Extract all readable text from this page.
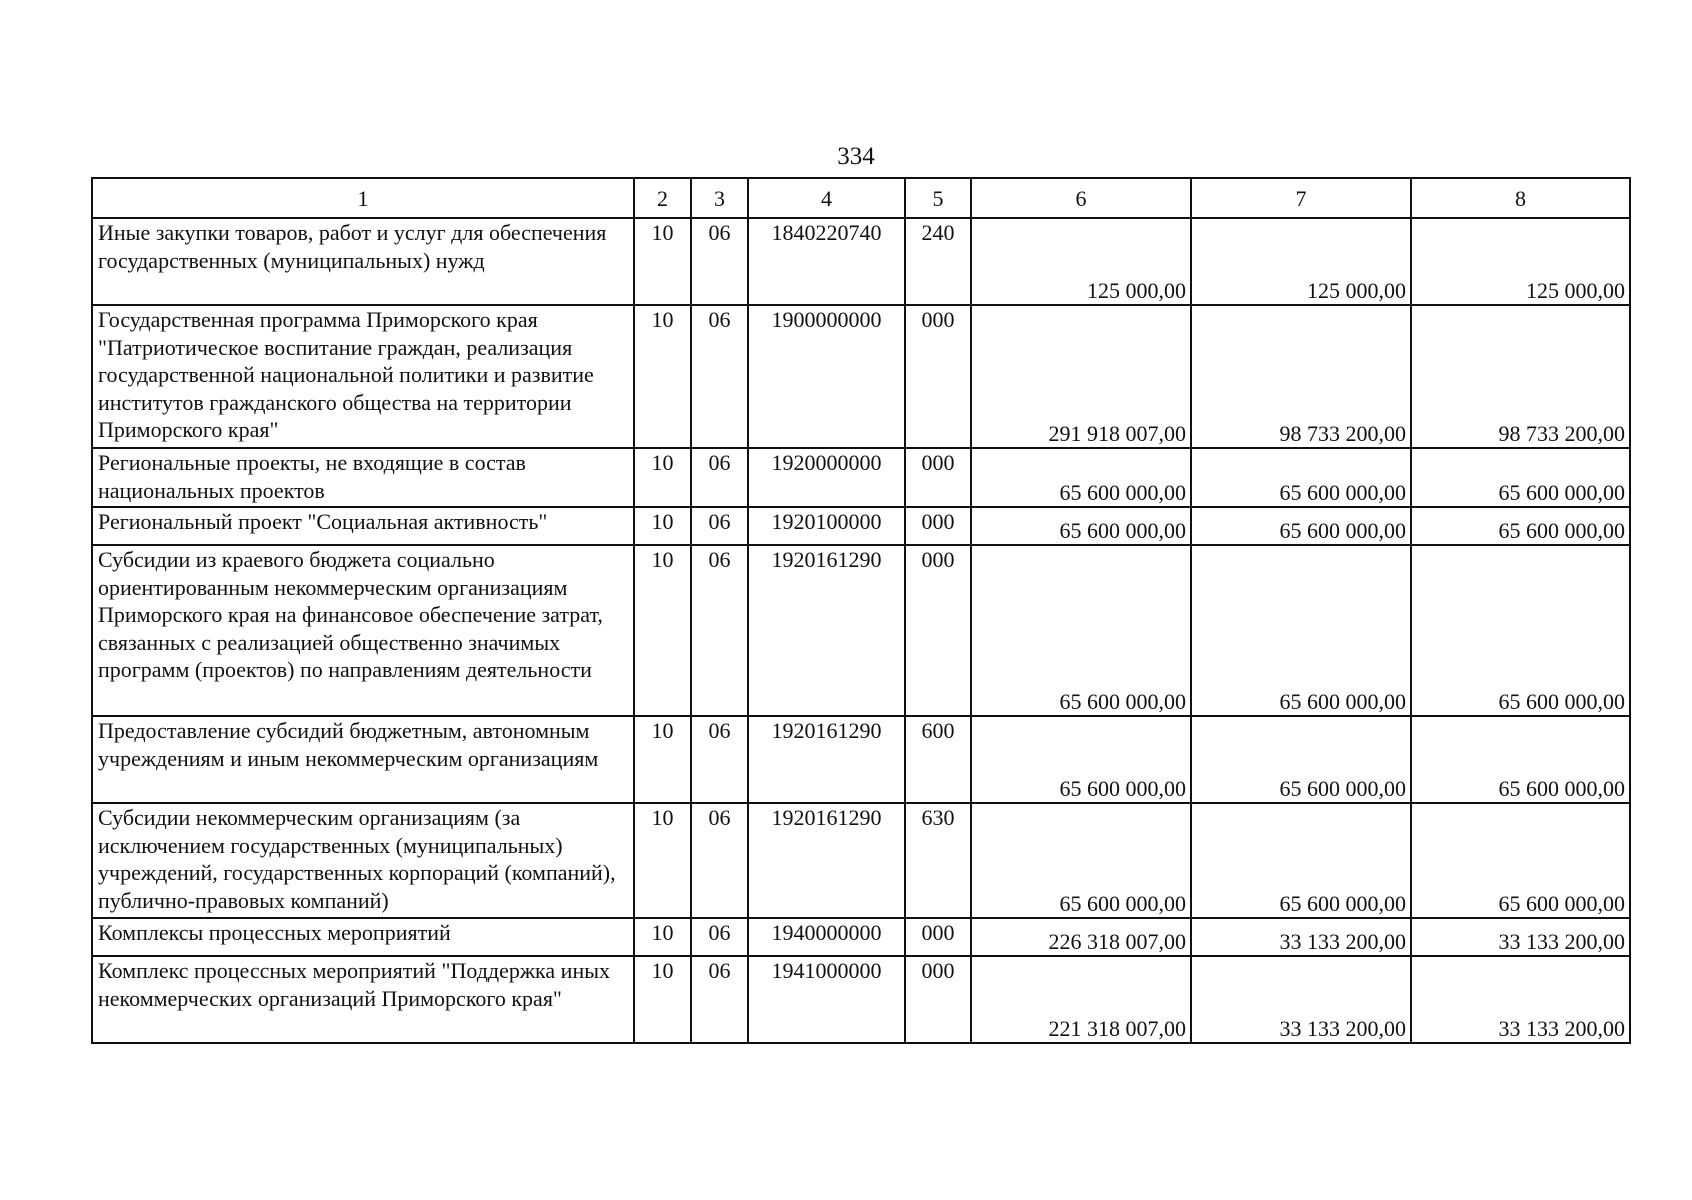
334
1	2	3	4	5	6	7	8
Иные закупки товаров, работ и услуг для обеспечения государственных (муниципальных) нужд	10	06	1840220740	240	125 000,00	125 000,00	125 000,00
Государственная программа Приморского края "Патриотическое воспитание граждан, реализация государственной национальной политики и развитие институтов гражданского общества на территории Приморского края"	10	06	1900000000	000	291 918 007,00	98 733 200,00	98 733 200,00
Региональные проекты, не входящие в состав национальных проектов	10	06	1920000000	000	65 600 000,00	65 600 000,00	65 600 000,00
Региональный проект "Социальная активность"	10	06	1920100000	000	65 600 000,00	65 600 000,00	65 600 000,00
Субсидии из краевого бюджета социально ориентированным некоммерческим организациям Приморского края на финансовое обеспечение затрат, связанных с реализацией общественно значимых программ (проектов) по направлениям деятельности	10	06	1920161290	000	65 600 000,00	65 600 000,00	65 600 000,00
Предоставление субсидий бюджетным, автономным учреждениям и иным некоммерческим организациям	10	06	1920161290	600	65 600 000,00	65 600 000,00	65 600 000,00
Субсидии некоммерческим организациям (за исключением государственных (муниципальных) учреждений, государственных корпораций (компаний), публично-правовых компаний)	10	06	1920161290	630	65 600 000,00	65 600 000,00	65 600 000,00
Комплексы процессных мероприятий	10	06	1940000000	000	226 318 007,00	33 133 200,00	33 133 200,00
Комплекс процессных мероприятий "Поддержка иных некоммерческих организаций Приморского края"	10	06	1941000000	000	221 318 007,00	33 133 200,00	33 133 200,00
